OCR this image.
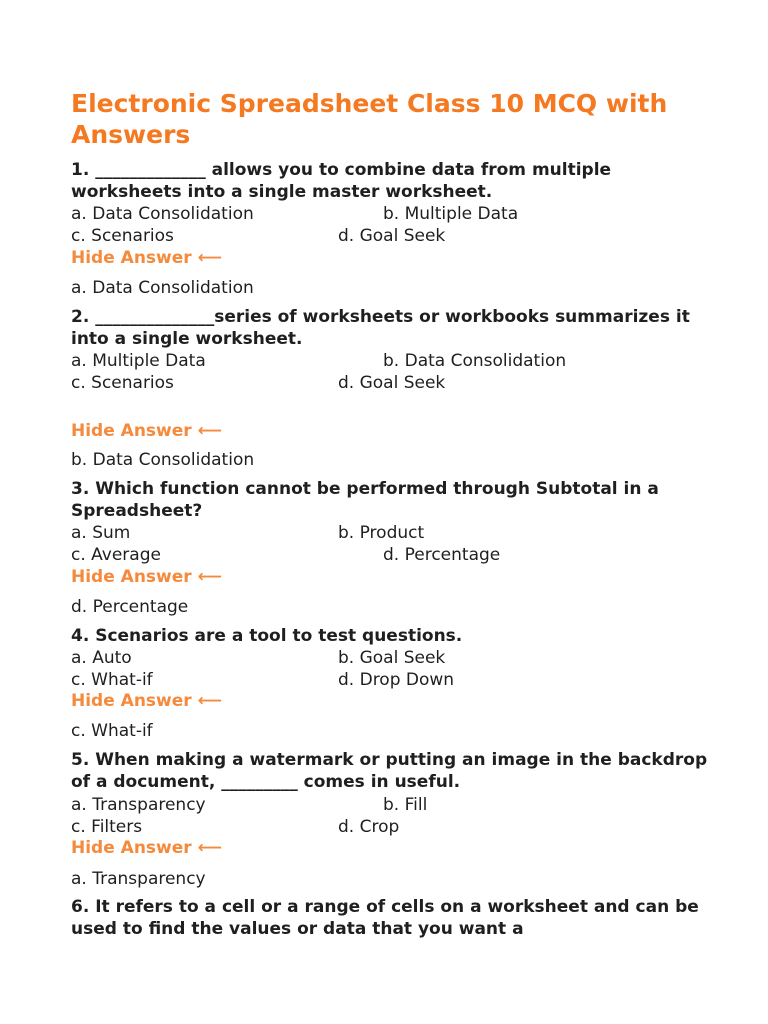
Electronic Spreadsheet Class 10 MCQ with Answers

1. _____________ allows you to combine data from multiple worksheets into a single master worksheet.

a. Data Consolidation	b. Multiple Data
c. Scenarios	d. Goal Seek
Hide Answer ⟵
a. Data Consolidation

2. ______________series of worksheets or workbooks summarizes it into a single worksheet.

a. Multiple Data	b. Data Consolidation
c. Scenarios	d. Goal Seek
Hide Answer ⟵
b. Data Consolidation

3. Which function cannot be performed through Subtotal in a Spreadsheet?

a. Sum	b. Product
c. Average	d. Percentage
Hide Answer ⟵
d. Percentage

4. Scenarios are a tool to test questions.

a. Auto	b. Goal Seek
c. What-if	d. Drop Down
Hide Answer ⟵
c. What-if

5. When making a watermark or putting an image in the backdrop of a document, _________ comes in useful.

a. Transparency	b. Fill
c. Filters	d. Crop
Hide Answer ⟵
a. Transparency

6. It refers to a cell or a range of cells on a worksheet and can be used to find the values or data that you want a
